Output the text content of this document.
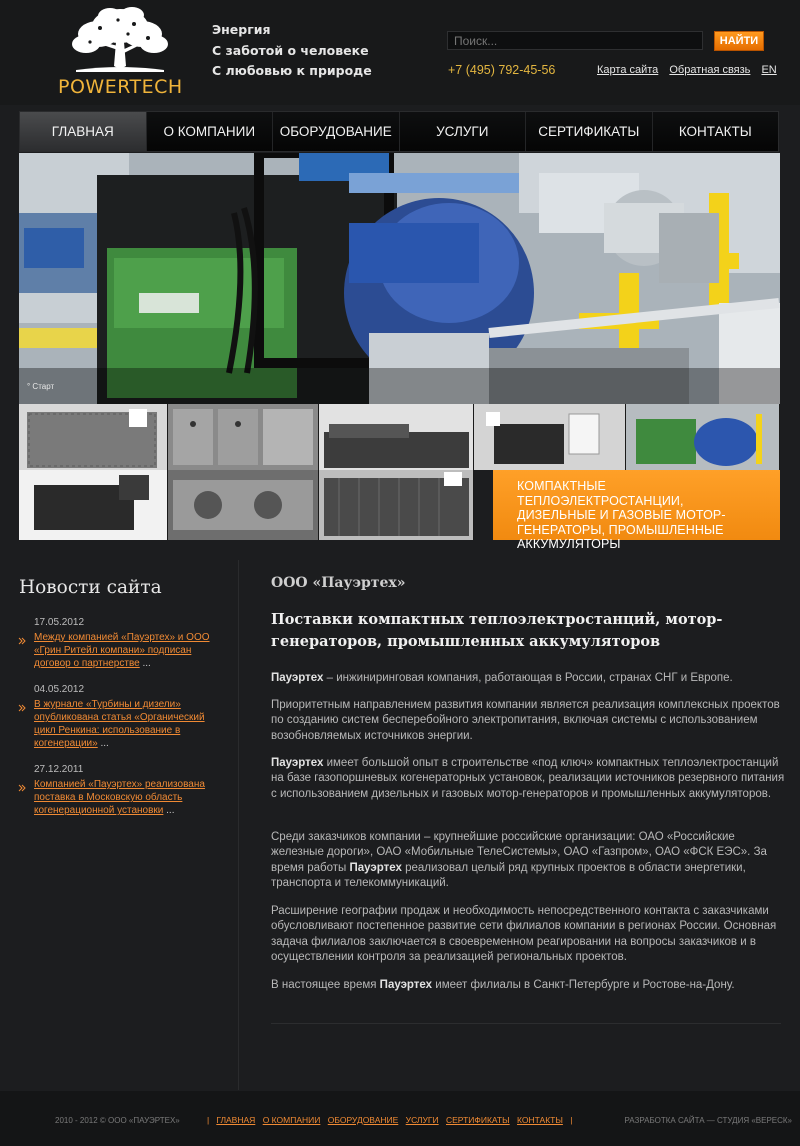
POWERTECH
Энергия
С заботой о человеке
С любовью к природе
Поиск...
НАЙТИ
+7 (495) 792-45-56	Карта сайта Обратная связь EN
ГЛАВНАЯ	О КОМПАНИИ	ОБОРУДОВАНИЕ	УСЛУГИ	СЕРТИФИКАТЫ	КОНТАКТЫ
° Старт
КОМПАКТНЫЕ ТЕПЛОЭЛЕКТРОСТАНЦИИ, ДИЗЕЛЬНЫЕ И ГАЗОВЫЕ МОТОР-ГЕНЕРАТОРЫ, ПРОМЫШЛЕННЫЕ АККУМУЛЯТОРЫ
Новости сайта
17.05.2012
Между компанией «Пауэртех» и ООО «Грин Ритейл компани» подписан договор о партнерстве ...
04.05.2012
В журнале «Турбины и дизели» опубликована статья «Органический цикл Ренкина: использование в когенерации» ...
27.12.2011
Компанией «Пауэртех» реализована поставка в Московскую область когенерационной установки ...
ООО «Пауэртех»
Поставки компактных теплоэлектростанций, мотор-генераторов, промышленных аккумуляторов
Пауэртех – инжиниринговая компания, работающая в России, странах СНГ и Европе.
Приоритетным направлением развития компании является реализация комплексных проектов по созданию систем бесперебойного электропитания, включая системы с использованием возобновляемых источников энергии.
Пауэртех имеет большой опыт в строительстве «под ключ» компактных теплоэлектростанций на базе газопоршневых когенераторных установок, реализации источников резервного питания с использованием дизельных и газовых мотор-генераторов и промышленных аккумуляторов.
Среди заказчиков компании – крупнейшие российские организации: ОАО «Российские железные дороги», ОАО «Мобильные ТелеСистемы», ОАО «Газпром», ОАО «ФСК ЕЭС». За время работы Пауэртех реализовал целый ряд крупных проектов в области энергетики, транспорта и телекоммуникаций.
Расширение географии продаж и необходимость непосредственного контакта с заказчиками обусловливают постепенное развитие сети филиалов компании в регионах России. Основная задача филиалов заключается в своевременном реагировании на вопросы заказчиков и в осуществлении контроля за реализацией региональных проектов.
В настоящее время Пауэртех имеет филиалы в Санкт-Петербурге и Ростове-на-Дону.
2010 - 2012 © ООО «ПАУЭРТЕХ»	|   ГЛАВНАЯ О КОМПАНИИ ОБОРУДОВАНИЕ УСЛУГИ СЕРТИФИКАТЫ КОНТАКТЫ |	РАЗРАБОТКА САЙТА — СТУДИЯ «ВЕРЕСК»
